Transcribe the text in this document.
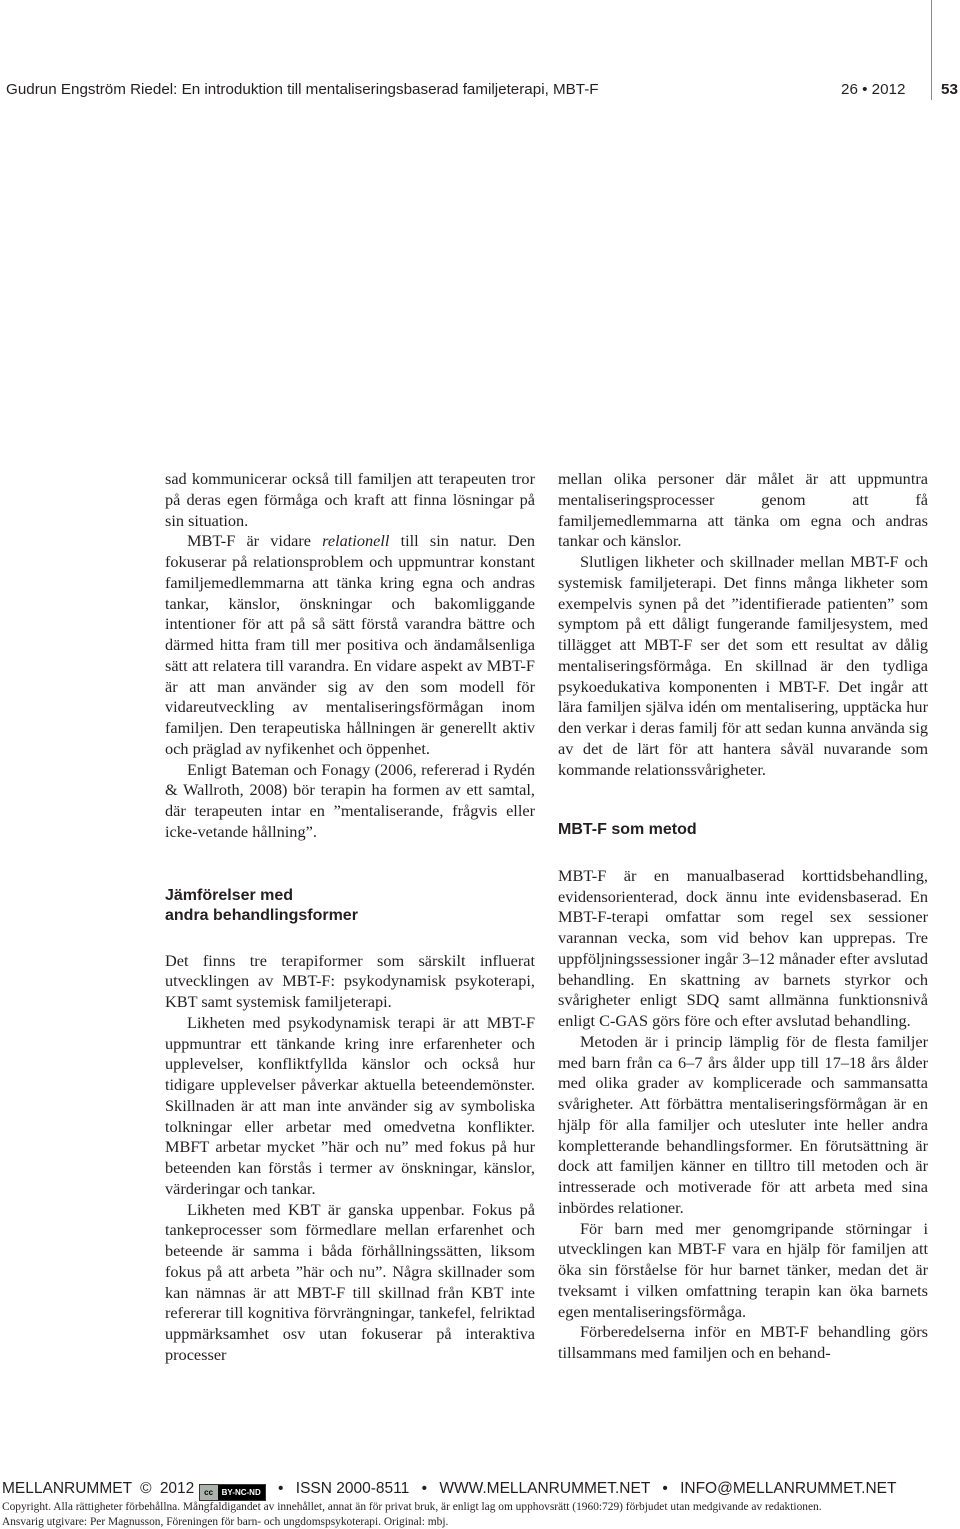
Gudrun Engström Riedel: En introduktion till mentaliseringsbaserad familjeterapi, MBT-F	26 • 2012 53

sad kommunicerar också till familjen att terapeuten tror på deras egen förmåga och kraft att finna lösningar på sin situation.

MBT-F är vidare relationell till sin natur. Den fokuserar på relationsproblem och uppmuntrar konstant familjemedlemmarna att tänka kring egna och andras tankar, känslor, önskningar och bakomliggande intentioner för att på så sätt förstå varandra bättre och därmed hitta fram till mer positiva och ändamålsenliga sätt att relatera till varandra. En vidare aspekt av MBT-F är att man använder sig av den som modell för vidareutveckling av mentaliseringsförmågan inom familjen. Den terapeutiska hållningen är generellt aktiv och präglad av nyfikenhet och öppenhet.

Enligt Bateman och Fonagy (2006, refererad i Rydén & Wallroth, 2008) bör terapin ha formen av ett samtal, där terapeuten intar en ”mentaliserande, frågvis eller icke-vetande hållning”.

Jämförelser med
andra behandlingsformer

Det finns tre terapiformer som särskilt influerat utvecklingen av MBT-F: psykodynamisk psykoterapi, KBT samt systemisk familjeterapi.

Likheten med psykodynamisk terapi är att MBT-F uppmuntrar ett tänkande kring inre erfarenheter och upplevelser, konfliktfyllda känslor och också hur tidigare upplevelser påverkar aktuella beteendemönster. Skillnaden är att man inte använder sig av symboliska tolkningar eller arbetar med omedvetna konflikter. MBFT arbetar mycket ”här och nu” med fokus på hur beteenden kan förstås i termer av önskningar, känslor, värderingar och tankar.

Likheten med KBT är ganska uppenbar. Fokus på tankeprocesser som förmedlare mellan erfarenhet och beteende är samma i båda förhållningssätten, liksom fokus på att arbeta ”här och nu”. Några skillnader som kan nämnas är att MBT-F till skillnad från KBT inte refererar till kognitiva förvrängningar, tankefel, felriktad uppmärksamhet osv utan fokuserar på interaktiva processer

mellan olika personer där målet är att uppmuntra mentaliseringsprocesser genom att få familjemedlemmarna att tänka om egna och andras tankar och känslor.

Slutligen likheter och skillnader mellan MBT-F och systemisk familjeterapi. Det finns många likheter som exempelvis synen på det ”identifierade patienten” som symptom på ett dåligt fungerande familjesystem, med tillägget att MBT-F ser det som ett resultat av dålig mentaliseringsförmåga. En skillnad är den tydliga psykoedukativa komponenten i MBT-F. Det ingår att lära familjen själva idén om mentalisering, upptäcka hur den verkar i deras familj för att sedan kunna använda sig av det de lärt för att hantera såväl nuvarande som kommande relationssvårigheter.

MBT-F som metod

MBT-F är en manualbaserad korttidsbehandling, evidensorienterad, dock ännu inte evidensbaserad. En MBT-F-terapi omfattar som regel sex sessioner varannan vecka, som vid behov kan upprepas. Tre uppföljningssessioner ingår 3–12 månader efter avslutad behandling. En skattning av barnets styrkor och svårigheter enligt SDQ samt allmänna funktionsnivå enligt C-GAS görs före och efter avslutad behandling.

Metoden är i princip lämplig för de flesta familjer med barn från ca 6–7 års ålder upp till 17–18 års ålder med olika grader av komplicerade och sammansatta svårigheter. Att förbättra mentaliseringsförmågan är en hjälp för alla familjer och utesluter inte heller andra kompletterande behandlingsformer. En förutsättning är dock att familjen känner en tilltro till metoden och är intresserade och motiverade för att arbeta med sina inbördes relationer.

För barn med mer genomgripande störningar i utvecklingen kan MBT-F vara en hjälp för familjen att öka sin förståelse för hur barnet tänker, medan det är tveksamt i vilken omfattning terapin kan öka barnets egen mentaliseringsförmåga.

Förberedelserna inför en MBT-F behandling görs tillsammans med familjen och en behand-

MELLANRUMMET © 2012 cc BY-NC-ND • ISSN 2000-8511 • WWW.MELLANRUMMET.NET • INFO@MELLANRUMMET.NET
Copyright. Alla rättigheter förbehållna. Mångfaldigandet av innehållet, annat än för privat bruk, är enligt lag om upphovsrätt (1960:729) förbjudet utan medgivande av redaktionen.
Ansvarig utgivare: Per Magnusson, Föreningen för barn- och ungdomspsykoterapi. Original: mbj.
